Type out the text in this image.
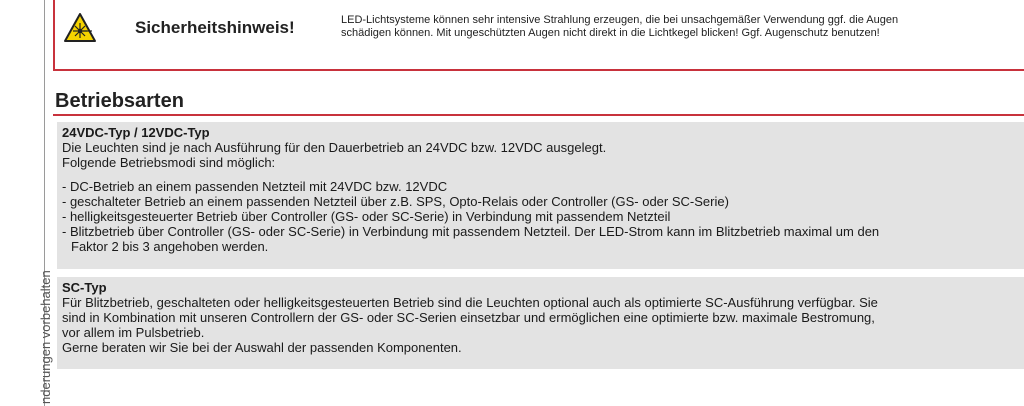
nderungen vorbehalten
Sicherheitshinweis!	LED-Lichtsysteme können sehr intensive Strahlung erzeugen, die bei unsachgemäßer Verwendung ggf. die Augen
schädigen können. Mit ungeschützten Augen nicht direkt in die Lichtkegel blicken! Ggf. Augenschutz benutzen!
Betriebsarten
24VDC-Typ / 12VDC-Typ
Die Leuchten sind je nach Ausführung für den Dauerbetrieb an 24VDC bzw. 12VDC ausgelegt.
Folgende Betriebsmodi sind möglich:
- DC-Betrieb an einem passenden Netzteil mit 24VDC bzw. 12VDC
- geschalteter Betrieb an einem passenden Netzteil über z.B. SPS, Opto-Relais oder Controller (GS- oder SC-Serie)
- helligkeitsgesteuerter Betrieb über Controller (GS- oder SC-Serie) in Verbindung mit passendem Netzteil
- Blitzbetrieb über Controller (GS- oder SC-Serie) in Verbindung mit passendem Netzteil. Der LED-Strom kann im Blitzbetrieb maximal um den
Faktor 2 bis 3 angehoben werden.
SC-Typ
Für Blitzbetrieb, geschalteten oder helligkeitsgesteuerten Betrieb sind die Leuchten optional auch als optimierte SC-Ausführung verfügbar. Sie
sind in Kombination mit unseren Controllern der GS- oder SC-Serien einsetzbar und ermöglichen eine optimierte bzw. maximale Bestromung,
vor allem im Pulsbetrieb.
Gerne beraten wir Sie bei der Auswahl der passenden Komponenten.
